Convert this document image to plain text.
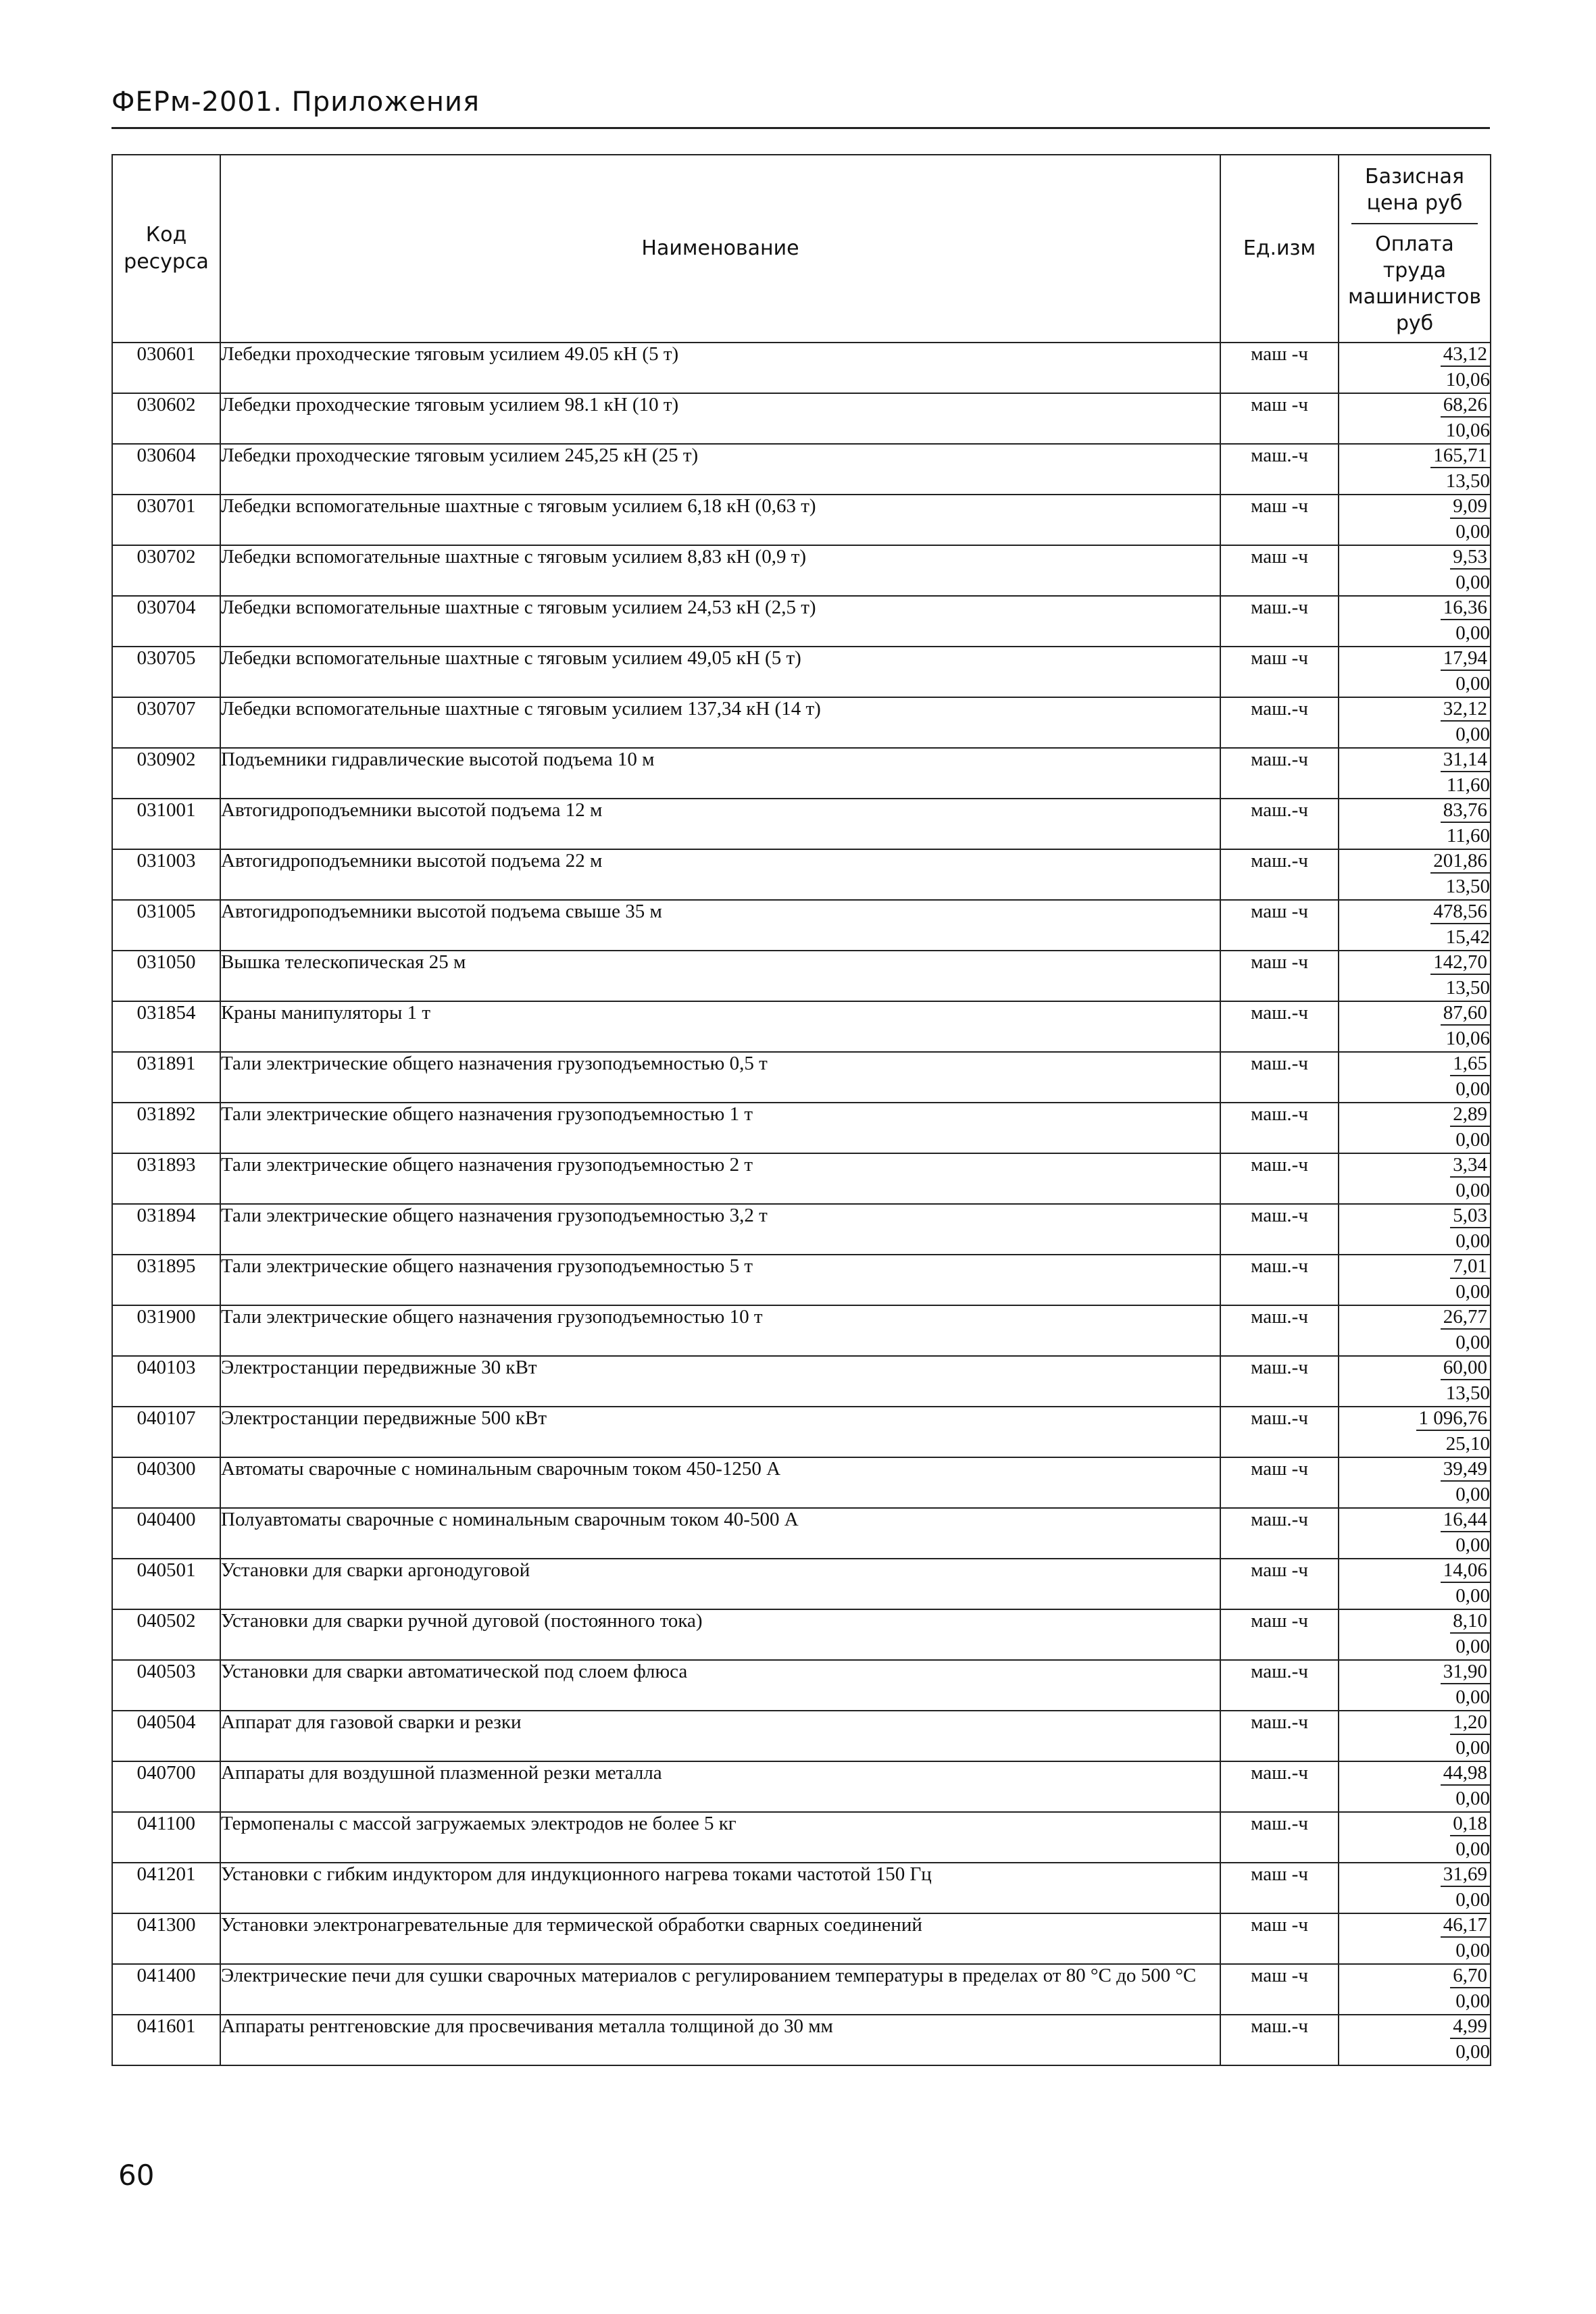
ФЕРм-2001. Приложения
Код ресурса	Наименование	Ед.изм	Базисная цена руб
Оплата труда машинистов руб

030601	Лебедки проходческие тяговым усилием 49.05 кН (5 т)	маш -ч	43,12
10,06

030602	Лебедки проходческие тяговым усилием 98.1 кН (10 т)	маш -ч	68,26
10,06

030604	Лебедки проходческие тяговым усилием 245,25 кН (25 т)	маш.-ч	165,71
13,50

030701	Лебедки вспомогательные шахтные с тяговым усилием 6,18 кН (0,63 т)	маш -ч	9,09
0,00

030702	Лебедки вспомогательные шахтные с тяговым усилием 8,83 кН (0,9 т)	маш -ч	9,53
0,00

030704	Лебедки вспомогательные шахтные с тяговым усилием 24,53 кН (2,5 т)	маш.-ч	16,36
0,00

030705	Лебедки вспомогательные шахтные с тяговым усилием 49,05 кН (5 т)	маш -ч	17,94
0,00

030707	Лебедки вспомогательные шахтные с тяговым усилием 137,34 кН (14 т)	маш.-ч	32,12
0,00

030902	Подъемники гидравлические высотой подъема 10 м	маш.-ч	31,14
11,60

031001	Автогидроподъемники высотой подъема 12 м	маш.-ч	83,76
11,60

031003	Автогидроподъемники высотой подъема 22 м	маш.-ч	201,86
13,50

031005	Автогидроподъемники высотой подъема свыше 35 м	маш -ч	478,56
15,42

031050	Вышка телескопическая 25 м	маш -ч	142,70
13,50

031854	Краны манипуляторы 1 т	маш.-ч	87,60
10,06

031891	Тали электрические общего назначения грузоподъемностью 0,5 т	маш.-ч	1,65
0,00

031892	Тали электрические общего назначения грузоподъемностью 1 т	маш.-ч	2,89
0,00

031893	Тали электрические общего назначения грузоподъемностью 2 т	маш.-ч	3,34
0,00

031894	Тали электрические общего назначения грузоподъемностью 3,2 т	маш.-ч	5,03
0,00

031895	Тали электрические общего назначения грузоподъемностью 5 т	маш.-ч	7,01
0,00

031900	Тали электрические общего назначения грузоподъемностью 10 т	маш.-ч	26,77
0,00

040103	Электростанции передвижные 30 кВт	маш.-ч	60,00
13,50

040107	Электростанции передвижные 500 кВт	маш.-ч	1 096,76
25,10

040300	Автоматы сварочные с номинальным сварочным током 450-1250 А	маш -ч	39,49
0,00

040400	Полуавтоматы сварочные с номинальным сварочным током 40-500 А	маш.-ч	16,44
0,00

040501	Установки для сварки аргонодуговой	маш -ч	14,06
0,00

040502	Установки для сварки ручной дуговой (постоянного тока)	маш -ч	8,10
0,00

040503	Установки для сварки автоматической под слоем флюса	маш.-ч	31,90
0,00

040504	Аппарат для газовой сварки и резки	маш.-ч	1,20
0,00

040700	Аппараты для воздушной плазменной резки металла	маш.-ч	44,98
0,00

041100	Термопеналы с массой загружаемых электродов не более 5 кг	маш.-ч	0,18
0,00

041201	Установки с гибким индуктором для индукционного нагрева токами частотой 150 Гц	маш -ч	31,69
0,00

041300	Установки электронагревательные для термической обработки сварных соединений	маш -ч	46,17
0,00

041400	Электрические печи для сушки сварочных материалов с регулированием температуры в пределах от 80 °С до 500 °С	маш -ч	6,70
0,00

041601	Аппараты рентгеновские для просвечивания металла толщиной до 30 мм	маш.-ч	4,99
0,00
60
